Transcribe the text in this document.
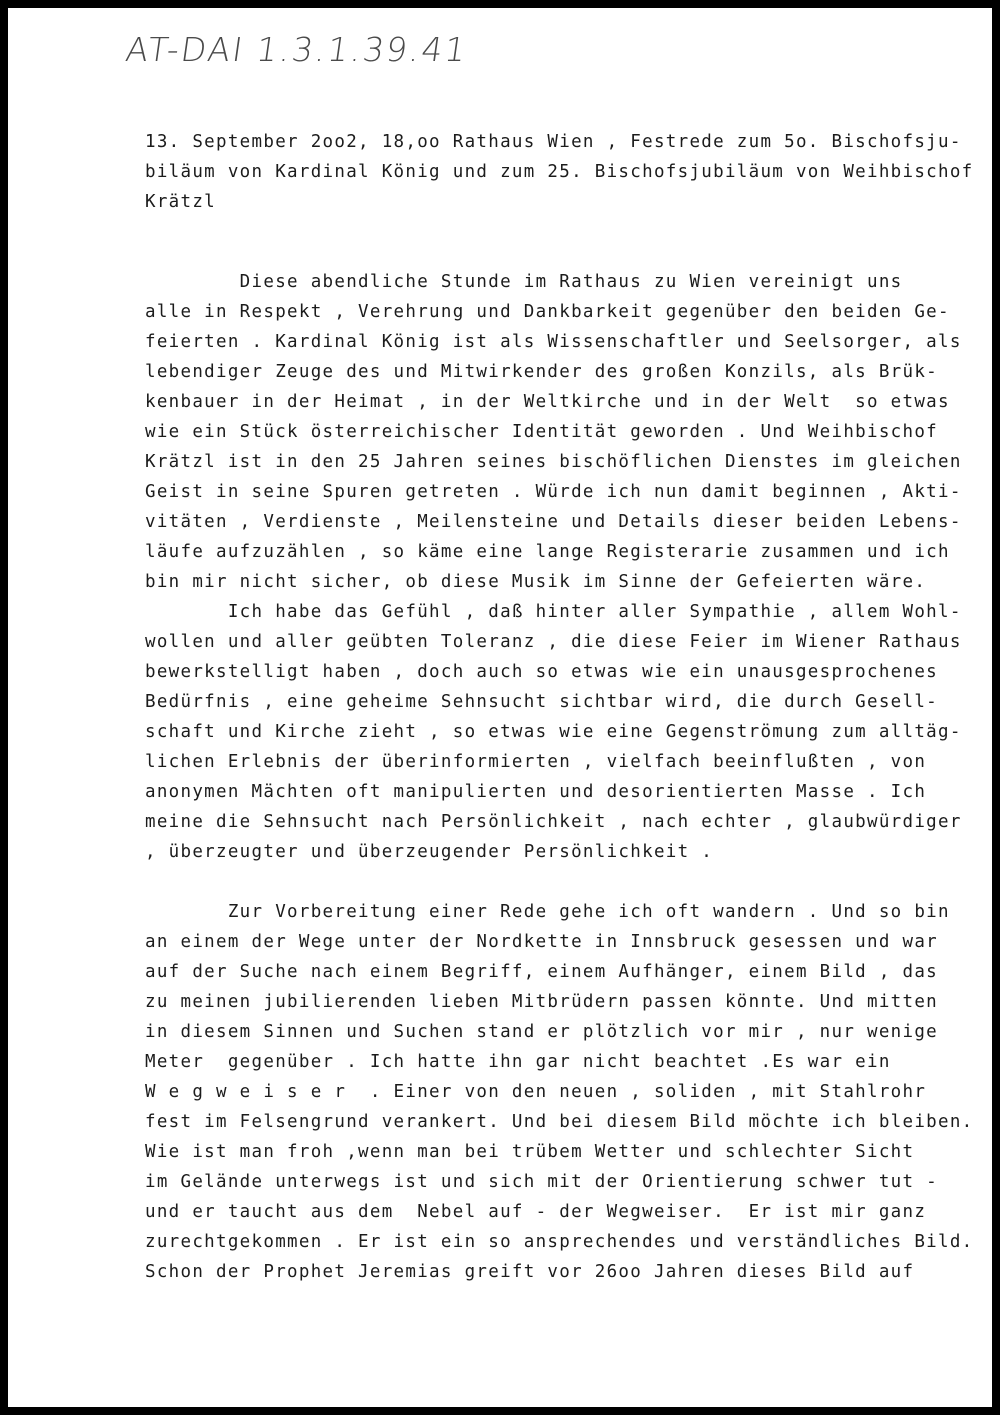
AT-DAI 1.3.1.39.41

13. September 2oo2, 18,oo Rathaus Wien , Festrede zum 5o. Bischofsju-

biläum von Kardinal König und zum 25. Bischofsjubiläum von Weihbischof

Krätzl

Diese abendliche Stunde im Rathaus zu Wien vereinigt uns

alle in Respekt , Verehrung und Dankbarkeit gegenüber den beiden Ge-

feierten . Kardinal König ist als Wissenschaftler und Seelsorger, als

lebendiger Zeuge des und Mitwirkender des großen Konzils, als Brük-

kenbauer in der Heimat , in der Weltkirche und in der Welt  so etwas

wie ein Stück österreichischer Identität geworden . Und Weihbischof

Krätzl ist in den 25 Jahren seines bischöflichen Dienstes im gleichen

Geist in seine Spuren getreten . Würde ich nun damit beginnen , Akti-

vitäten , Verdienste , Meilensteine und Details dieser beiden Lebens-

läufe aufzuzählen , so käme eine lange Registerarie zusammen und ich

bin mir nicht sicher, ob diese Musik im Sinne der Gefeierten wäre.

Ich habe das Gefühl , daß hinter aller Sympathie , allem Wohl-

wollen und aller geübten Toleranz , die diese Feier im Wiener Rathaus

bewerkstelligt haben , doch auch so etwas wie ein unausgesprochenes

Bedürfnis , eine geheime Sehnsucht sichtbar wird, die durch Gesell-

schaft und Kirche zieht , so etwas wie eine Gegenströmung zum alltäg-

lichen Erlebnis der überinformierten , vielfach beeinflußten , von

anonymen Mächten oft manipulierten und desorientierten Masse . Ich

meine die Sehnsucht nach Persönlichkeit , nach echter , glaubwürdiger

, überzeugter und überzeugender Persönlichkeit .

Zur Vorbereitung einer Rede gehe ich oft wandern . Und so bin

an einem der Wege unter der Nordkette in Innsbruck gesessen und war

auf der Suche nach einem Begriff, einem Aufhänger, einem Bild , das

zu meinen jubilierenden lieben Mitbrüdern passen könnte. Und mitten

in diesem Sinnen und Suchen stand er plötzlich vor mir , nur wenige

Meter  gegenüber . Ich hatte ihn gar nicht beachtet .Es war ein

W e g w e i s e r  . Einer von den neuen , soliden , mit Stahlrohr

fest im Felsengrund verankert. Und bei diesem Bild möchte ich bleiben.

Wie ist man froh ,wenn man bei trübem Wetter und schlechter Sicht

im Gelände unterwegs ist und sich mit der Orientierung schwer tut -

und er taucht aus dem  Nebel auf - der Wegweiser.  Er ist mir ganz

zurechtgekommen . Er ist ein so ansprechendes und verständliches Bild.

Schon der Prophet Jeremias greift vor 26oo Jahren dieses Bild auf
